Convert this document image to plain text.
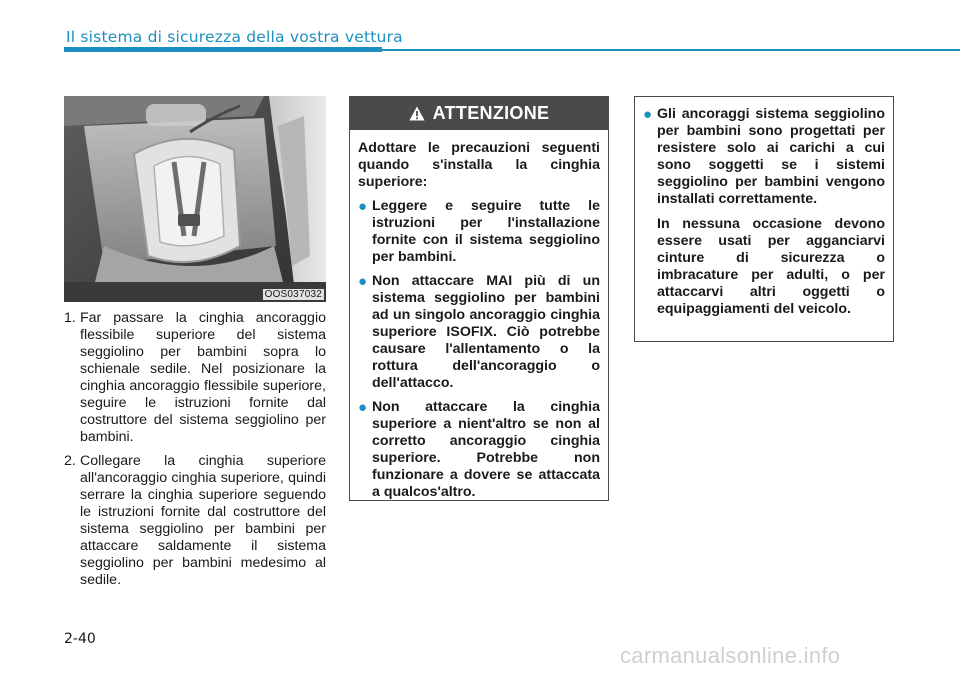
Il sistema di sicurezza della vostra vettura
OOS037032
1. Far passare la cinghia ancoraggio flessibile superiore del sistema seggiolino per bambini sopra lo schienale sedile. Nel posizionare la cinghia ancoraggio flessibile superiore, seguire le istruzioni fornite dal costruttore del sistema seggiolino per bambini.
2. Collegare la cinghia superiore all'ancoraggio cinghia superiore, quindi serrare la cinghia superiore seguendo le istruzioni fornite dal costruttore del sistema seggiolino per bambini per attaccare saldamente il sistema seggiolino per bambini medesimo al sedile.
ATTENZIONE

Adottare le precauzioni seguenti quando s'installa la cinghia superiore:

● Leggere e seguire tutte le istruzioni per l'installazione fornite con il sistema seggiolino per bambini.
● Non attaccare MAI più di un sistema seggiolino per bambini ad un singolo ancoraggio cinghia superiore ISOFIX. Ciò potrebbe causare l'allentamento o la rottura dell'ancoraggio o dell'attacco.
● Non attaccare la cinghia superiore a nient'altro se non al corretto ancoraggio cinghia superiore. Potrebbe non funzionare a dovere se attaccata a qualcos'altro.
● Gli ancoraggi sistema seggiolino per bambini sono progettati per resistere solo ai carichi a cui sono soggetti se i sistemi seggiolino per bambini vengono installati correttamente.
In nessuna occasione devono essere usati per agganciarvi cinture di sicurezza o imbracature per adulti, o per attaccarvi altri oggetti o equipaggiamenti del veicolo.
2-40
carmanualsonline.info
